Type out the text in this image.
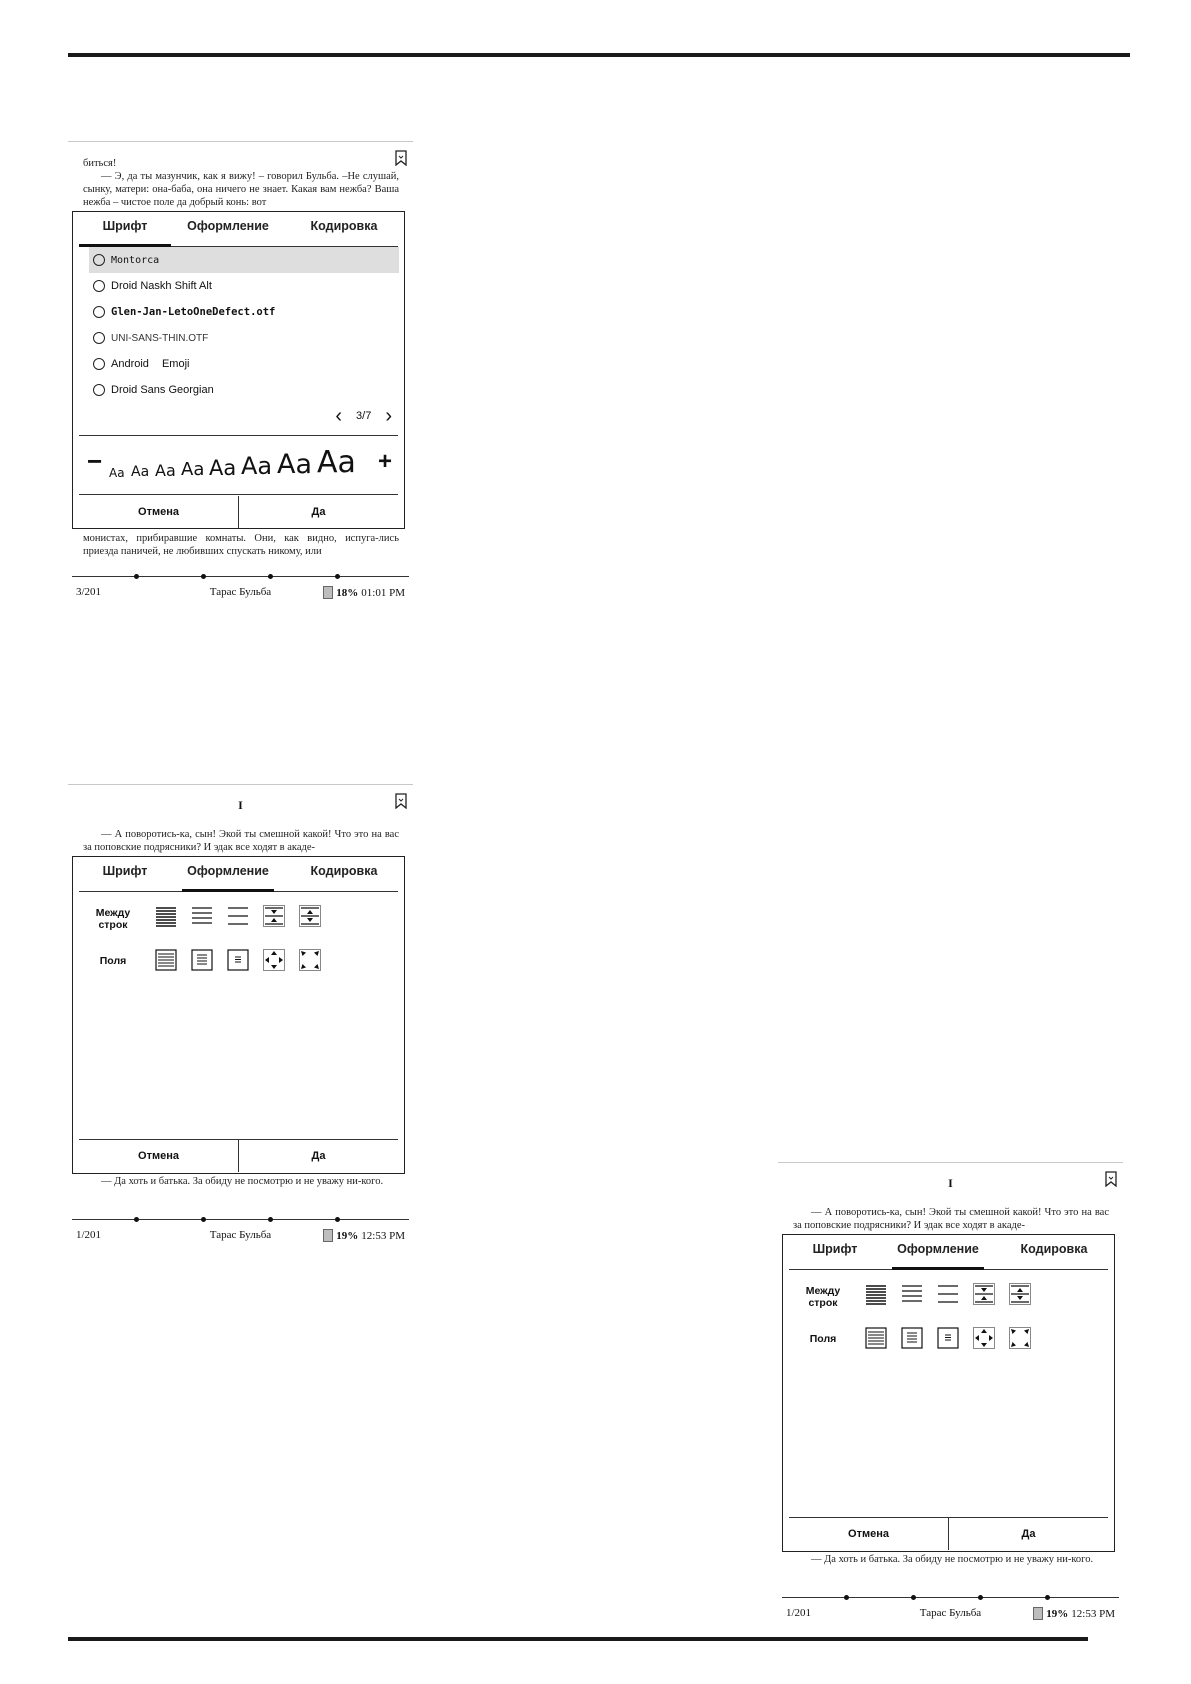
биться!
— Э, да ты мазунчик, как я вижу! – говорил Бульба. –Не слушай, сынку, матери: она-баба, она ничего не знает. Какая вам нежба? Ваша нежба – чистое поле да добрый конь: вот
Шрифт	Оформление	Кодировка
Montorca
Droid Naskh Shift Alt
Glen-Jan-LetoOneDefect.otf
UNI-SANS-THIN.OTF
Android Emoji
Droid Sans Georgian
‹ 3/7 ›
− Aa Aa Aa Aa Aa Aa Aa Aa +
Отмена	Да
монистах, прибиравшие комнаты. Они, как видно, испуга-лись приезда паничей, не любивших спускать никому, или
3/201	Тарас Бульба	18% 01:01 PM
I
— А поворотись-ка, сын! Экой ты смешной какой! Что это на вас за поповские подрясники? И эдак все ходят в акаде-
Шрифт	Оформление	Кодировка
Между строк
Поля
Отмена	Да
— Да хоть и батька. За обиду не посмотрю и не уважу ни-кого.
1/201	Тарас Бульба	19% 12:53 PM
I
— А поворотись-ка, сын! Экой ты смешной какой! Что это на вас за поповские подрясники? И эдак все ходят в акаде-
Шрифт	Оформление	Кодировка
Между строк
Поля
Отмена	Да
— Да хоть и батька. За обиду не посмотрю и не уважу ни-кого.
1/201	Тарас Бульба	19% 12:53 PM
